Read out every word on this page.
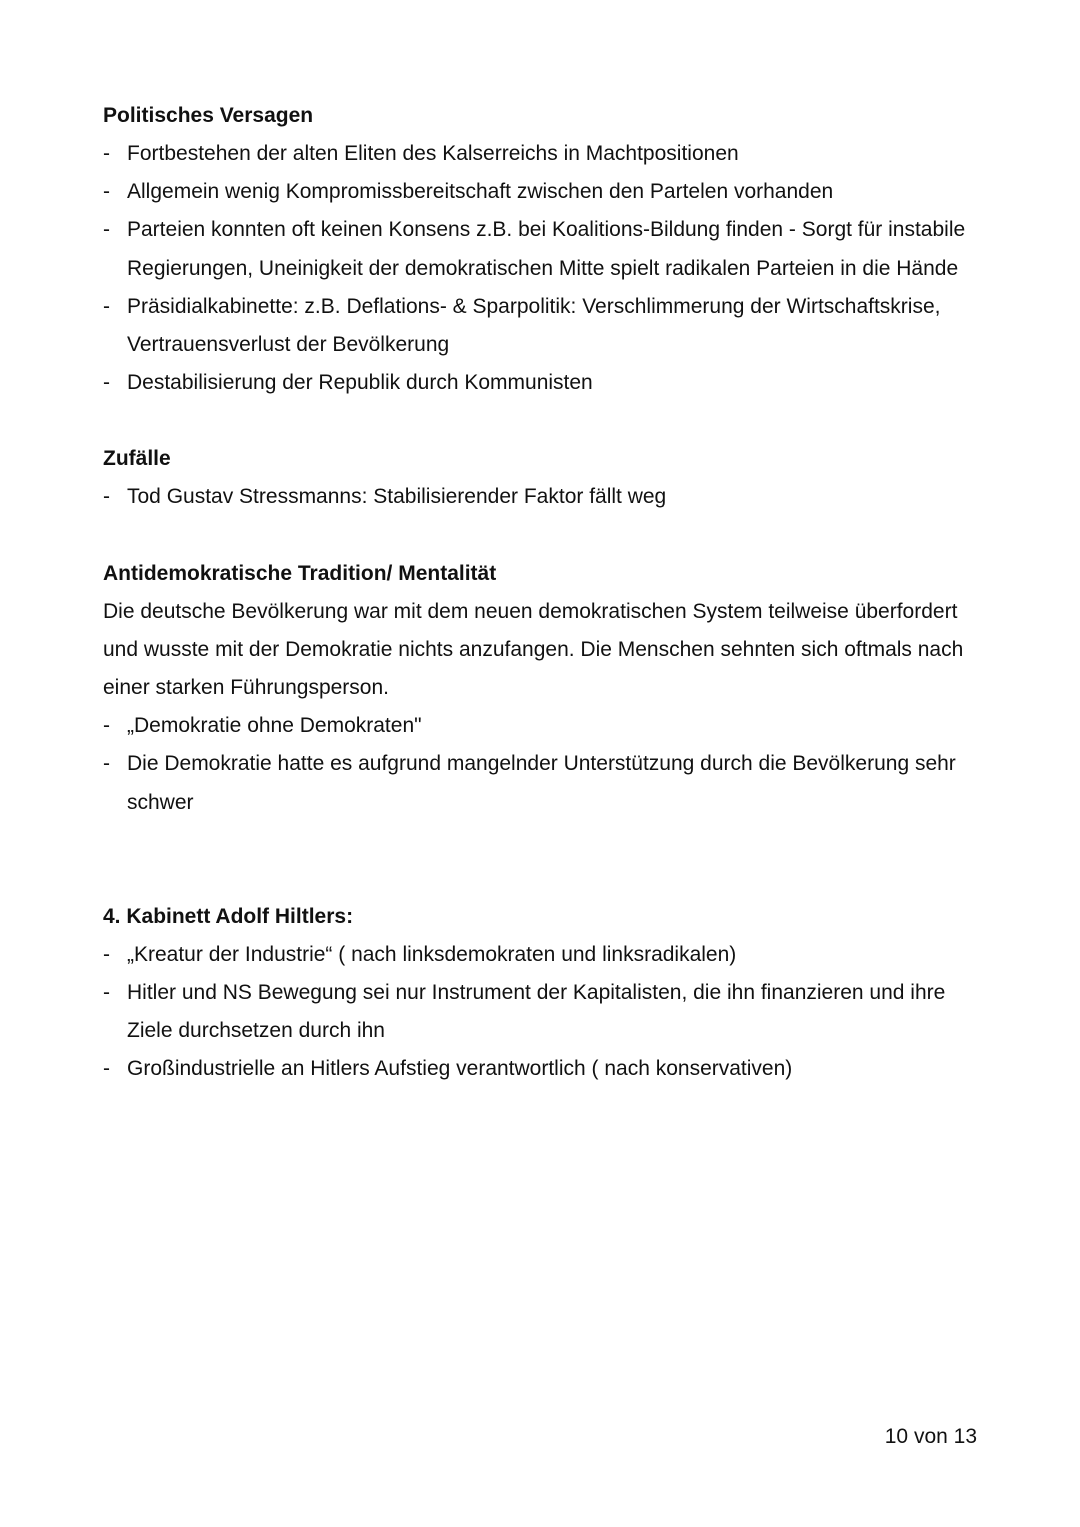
Politisches Versagen

- Fortbestehen der alten Eliten des Kalserreichs in Machtpositionen
- Allgemein wenig Kompromissbereitschaft zwischen den Partelen vorhanden
- Parteien konnten oft keinen Konsens z.B. bei Koalitions-Bildung finden - Sorgt für instabile Regierungen, Uneinigkeit der demokratischen Mitte spielt radikalen Parteien in die Hände
- Präsidialkabinette: z.B. Deflations- & Sparpolitik: Verschlimmerung der Wirtschaftskrise, Vertrauensverlust der Bevölkerung
- Destabilisierung der Republik durch Kommunisten

Zufälle

- Tod Gustav Stressmanns: Stabilisierender Faktor fällt weg

Antidemokratische Tradition/ Mentalität

Die deutsche Bevölkerung war mit dem neuen demokratischen System teilweise überfordert und wusste mit der Demokratie nichts anzufangen. Die Menschen sehnten sich oftmals nach einer starken Führungsperson.

- „Demokratie ohne Demokraten"
- Die Demokratie hatte es aufgrund mangelnder Unterstützung durch die Bevölkerung sehr schwer

4. Kabinett Adolf Hiltlers:

- „Kreatur der Industrie“ ( nach linksdemokraten und linksradikalen)
- Hitler und NS Bewegung sei nur Instrument der Kapitalisten, die ihn finanzieren und ihre Ziele durchsetzen durch ihn
- Großindustrielle an Hitlers Aufstieg verantwortlich ( nach konservativen)
10 von 13
